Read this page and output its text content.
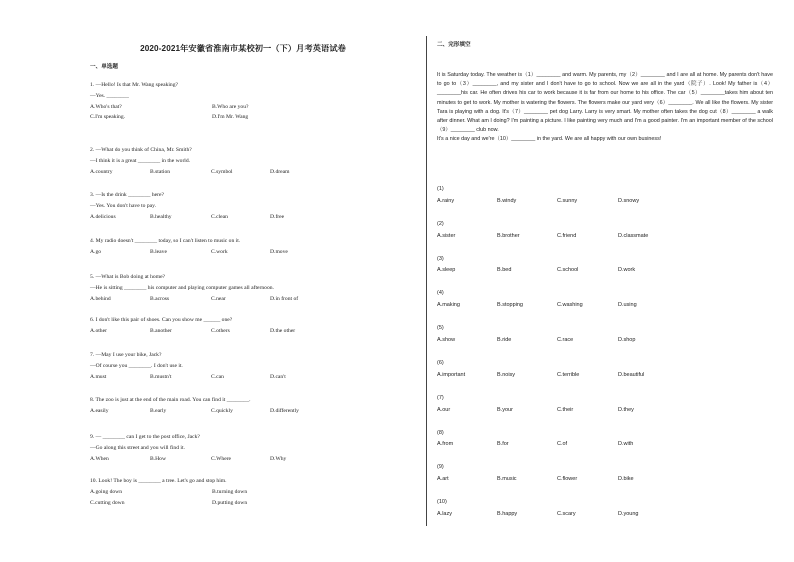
2020-2021年安徽省淮南市某校初一（下）月考英语试卷
一、单选题
1. —Hello! Is that Mr. Wang speaking?
—Yes. ________
A.Who's that?	B.Who are you?
C.I'm speaking.	D.I'm Mr. Wang
2. —What do you think of China, Mr. Smith?
—I think it is a great ________ in the world.
A.country	B.station	C.symbol	D.dream
3. —Is the drink ________ here?
—Yes. You don't have to pay.
A.delicious	B.healthy	C.clean	D.free
4. My radio doesn't ________ today, so I can't listen to music on it.
A.go	B.leave	C.work	D.move
5. —What is Bob doing at home?
—He is sitting ________ his computer and playing computer games all afternoon.
A.behind	B.across	C.near	D.in front of
6. I don't like this pair of shoes. Can you show me ______ one?
A.other	B.another	C.others	D.the other
7. —May I use your bike, Jack?
—Of course you ________. I don't use it.
A.must	B.mustn't	C.can	D.can't
8. The zoo is just at the end of the main road. You can find it ________.
A.easily	B.early	C.quickly	D.differently
9. — ________ can I get to the post office, Jack?
—Go along this street and you will find it.
A.When	B.How	C.Where	D.Why
10. Look! The boy is ________ a tree. Let's go and stop him.
A.going down	B.turning down
C.cutting down	D.putting down
二、完形填空

It is Saturday today. The weather is（1）________ and warm. My parents, my（2）________ and I are all at home. My parents don't have to go to（3）________, and my sister and I don't have to go to school. Now we are all in the yard（院子）. Look! My father is（4）________his car. He often drives his car to work because it is far from our home to his office. The car（5）________takes him about ten minutes to get to work. My mother is watering the flowers. The flowers make our yard very（6）________. We all like the flowers. My sister Tara is playing with a dog. It's（7）________ pet dog Larry. Larry is very smart. My mother often takes the dog cut（8）________ a walk after dinner. What am I doing? I'm painting a picture. I like painting very much and I'm a good painter. I'm an important member of the school（9）________ club now.

It's a nice day and we're（10）________ in the yard. We are all happy with our own business!

(1)
A.rainy	B.windy	C.sunny	D.snowy
(2)
A.sister	B.brother	C.friend	D.classmate
(3)
A.sleep	B.bed	C.school	D.work
(4)
A.making	B.stopping	C.washing	D.using
(5)
A.show	B.ride	C.race	D.shop
(6)
A.important	B.noisy	C.terrible	D.beautiful
(7)
A.our	B.your	C.their	D.they
(8)
A.from	B.for	C.of	D.with
(9)
A.art	B.music	C.flower	D.bike
(10)
A.lazy	B.happy	C.scary	D.young
